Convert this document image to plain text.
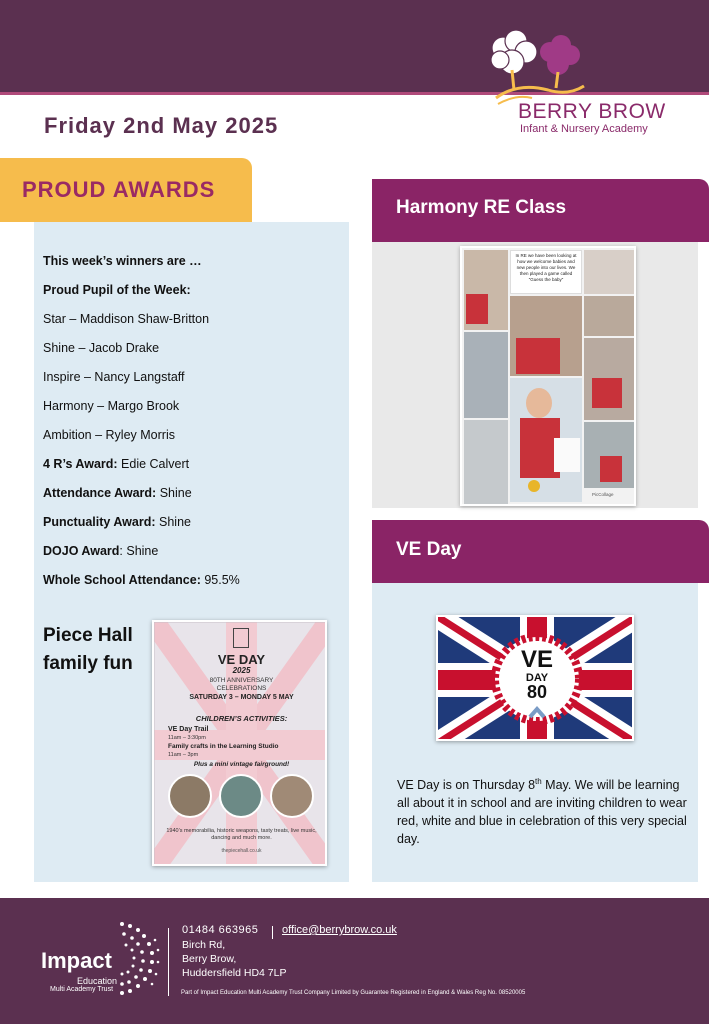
BERRY BROW
Infant & Nursery Academy
Friday 2nd May 2025
PROUD AWARDS
This week’s winners are …
Proud Pupil of the Week:
Star – Maddison Shaw-Britton
Shine – Jacob Drake
Inspire – Nancy Langstaff
Harmony – Margo Brook
Ambition – Ryley Morris
4 R’s Award: Edie Calvert
Attendance Award: Shine
Punctuality Award: Shine
DOJO Award: Shine
Whole School Attendance: 95.5%
Piece Hall family fun	VE DAY
2025
80TH ANNIVERSARY
CELEBRATIONS
SATURDAY 3 – MONDAY 5 MAY
CHILDREN’S ACTIVITIES:
VE Day Trail
11am – 3:30pm
Family crafts in the Learning Studio
11am – 3pm
Plus a mini vintage fairground!
1940’s memorabilia, historic weapons, tasty treats, live music, dancing and much more.
thepiecehall.co.uk
Harmony RE Class
In RE we have been looking at how we welcome babies and new people into our lives. We then played a game called “Guess the baby”
PicCollage
VE Day
VE
DAY
80
VE Day is on Thursday 8th May. We will be learning all about it in school and are inviting children to wear red, white and blue in celebration of this very special day.
Impact
Education
Multi Academy Trust
01484 663965 office@berrybrow.co.uk
Birch Rd,
Berry Brow,
Huddersfield HD4 7LP
Part of Impact Education Multi Academy Trust Company Limited by Guarantee Registered in England & Wales Reg No. 08520005
